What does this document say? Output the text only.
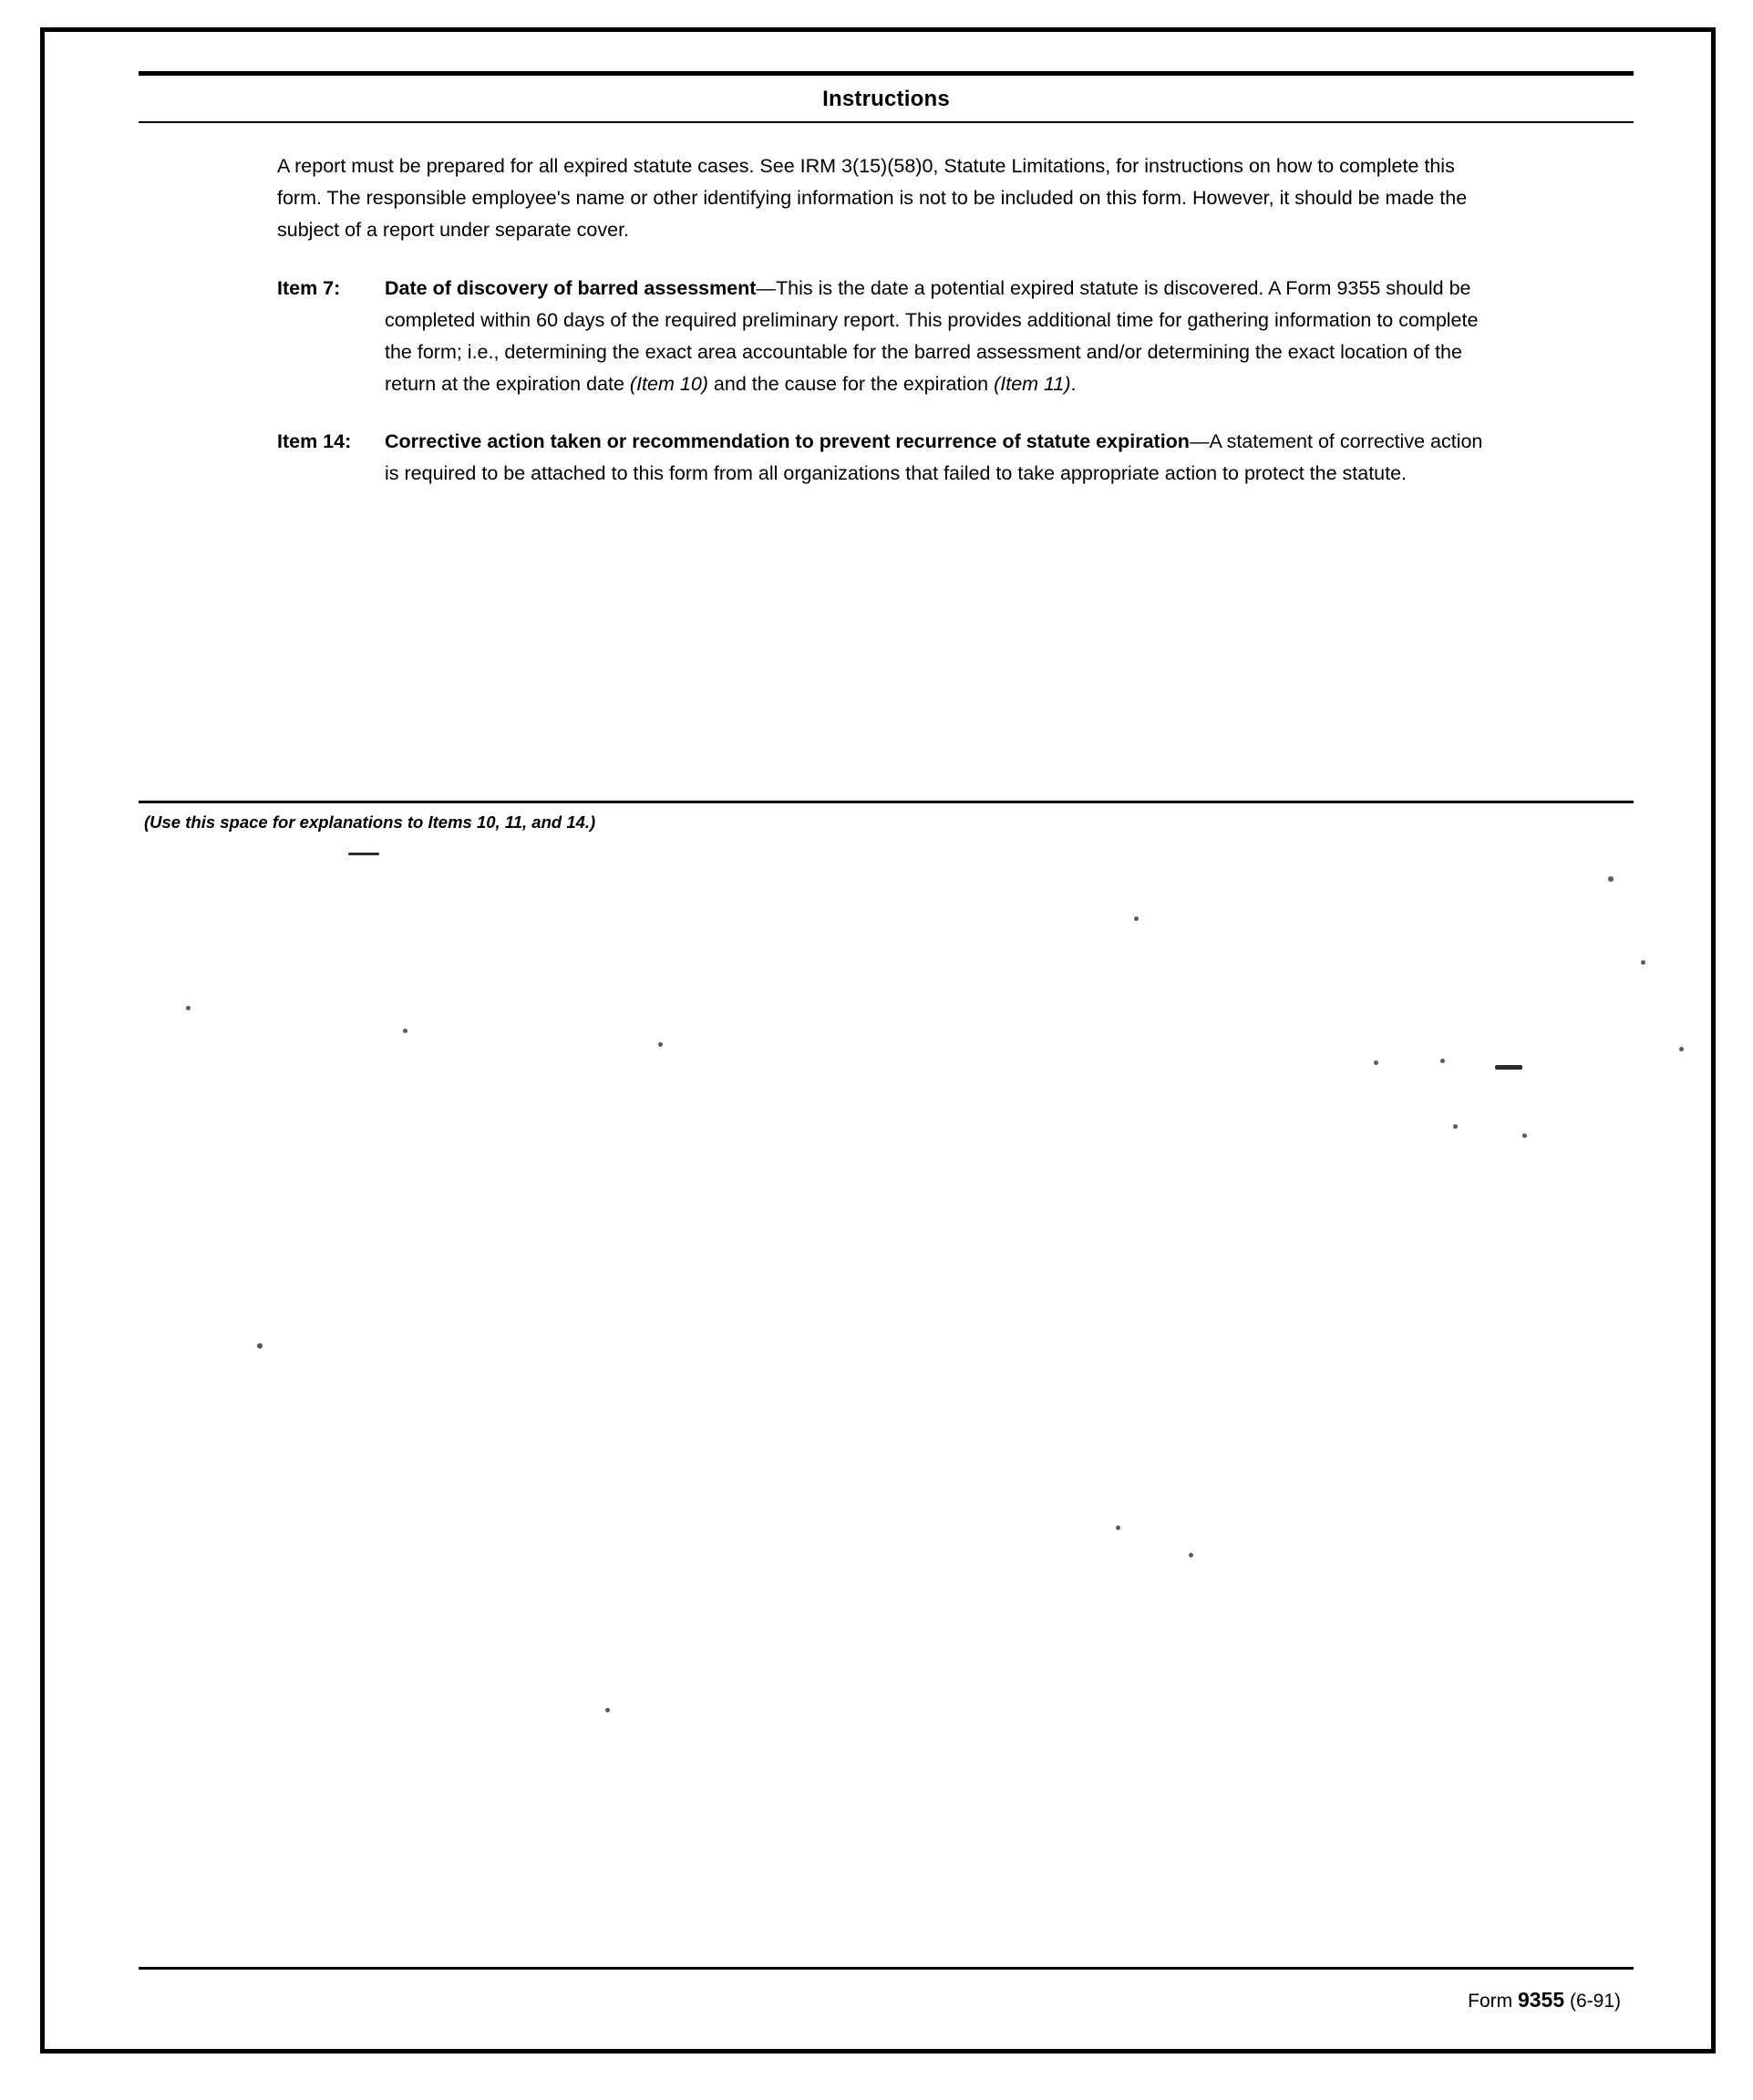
Instructions

A report must be prepared for all expired statute cases. See IRM 3(15)(58)0, Statute Limitations, for instructions on how to complete this form. The responsible employee's name or other identifying information is not to be included on this form. However, it should be made the subject of a report under separate cover.

Item 7:	Date of discovery of barred assessment—This is the date a potential expired statute is discovered. A Form 9355 should be completed within 60 days of the required preliminary report. This provides additional time for gathering information to complete the form; i.e., determining the exact area accountable for the barred assessment and/or determining the exact location of the return at the expiration date (Item 10) and the cause for the expiration (Item 11).
Item 14:	Corrective action taken or recommendation to prevent recurrence of statute expiration—A statement of corrective action is required to be attached to this form from all organizations that failed to take appropriate action to protect the statute.
(Use this space for explanations to Items 10, 11, and 14.)
Form 9355 (6-91)
